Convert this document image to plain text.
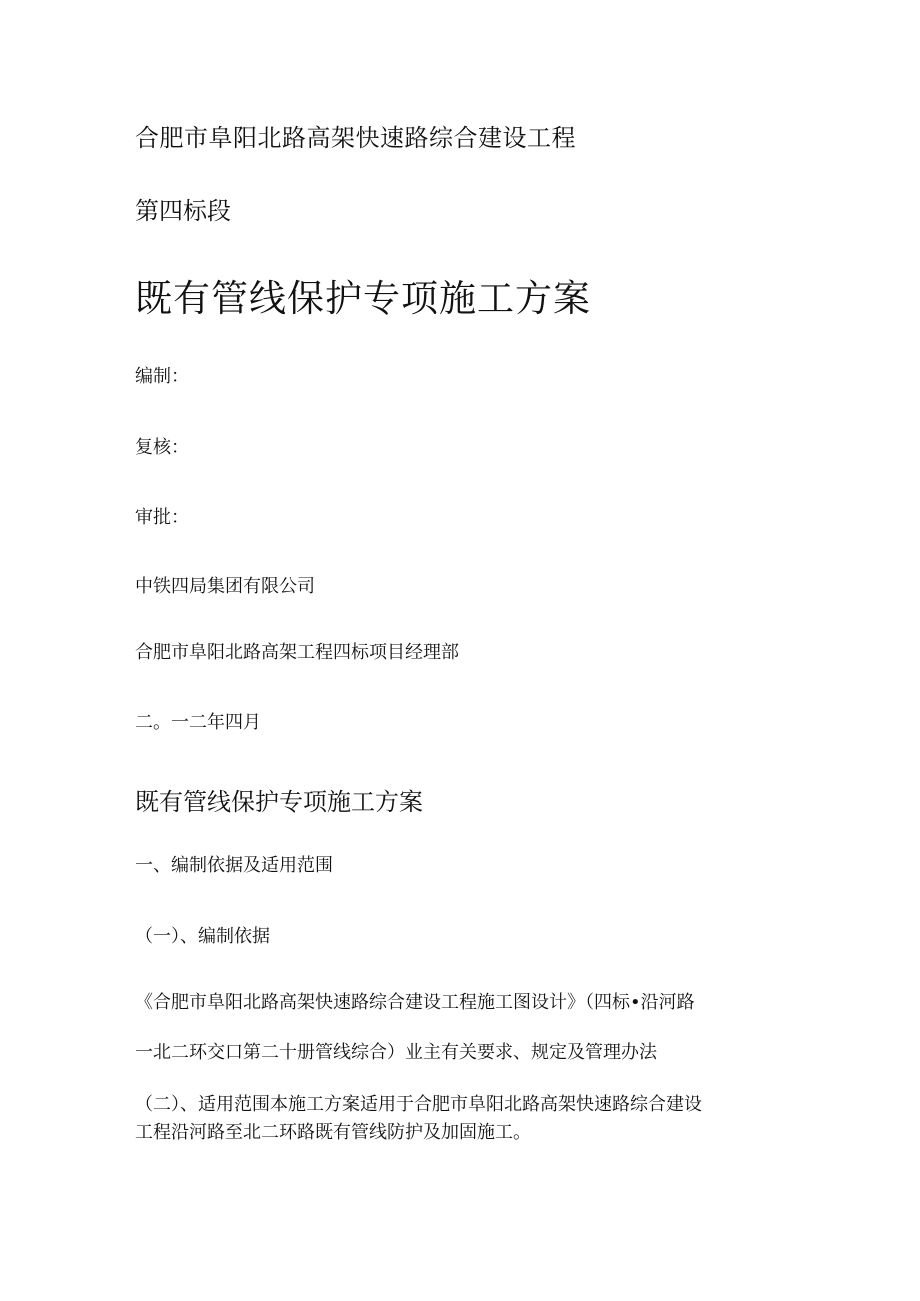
合肥市阜阳北路高架快速路综合建设工程
第四标段
既有管线保护专项施工方案
编制：
复核：
审批：
中铁四局集团有限公司
合肥市阜阳北路高架工程四标项目经理部
二。一二年四月
既有管线保护专项施工方案
一、编制依据及适用范围
（一）、编制依据
《合肥市阜阳北路高架快速路综合建设工程施工图设计》（四标•沿河路
一北二环交口第二十册管线综合）业主有关要求、规定及管理办法
（二）、适用范围本施工方案适用于合肥市阜阳北路高架快速路综合建设
工程沿河路至北二环路既有管线防护及加固施工。
